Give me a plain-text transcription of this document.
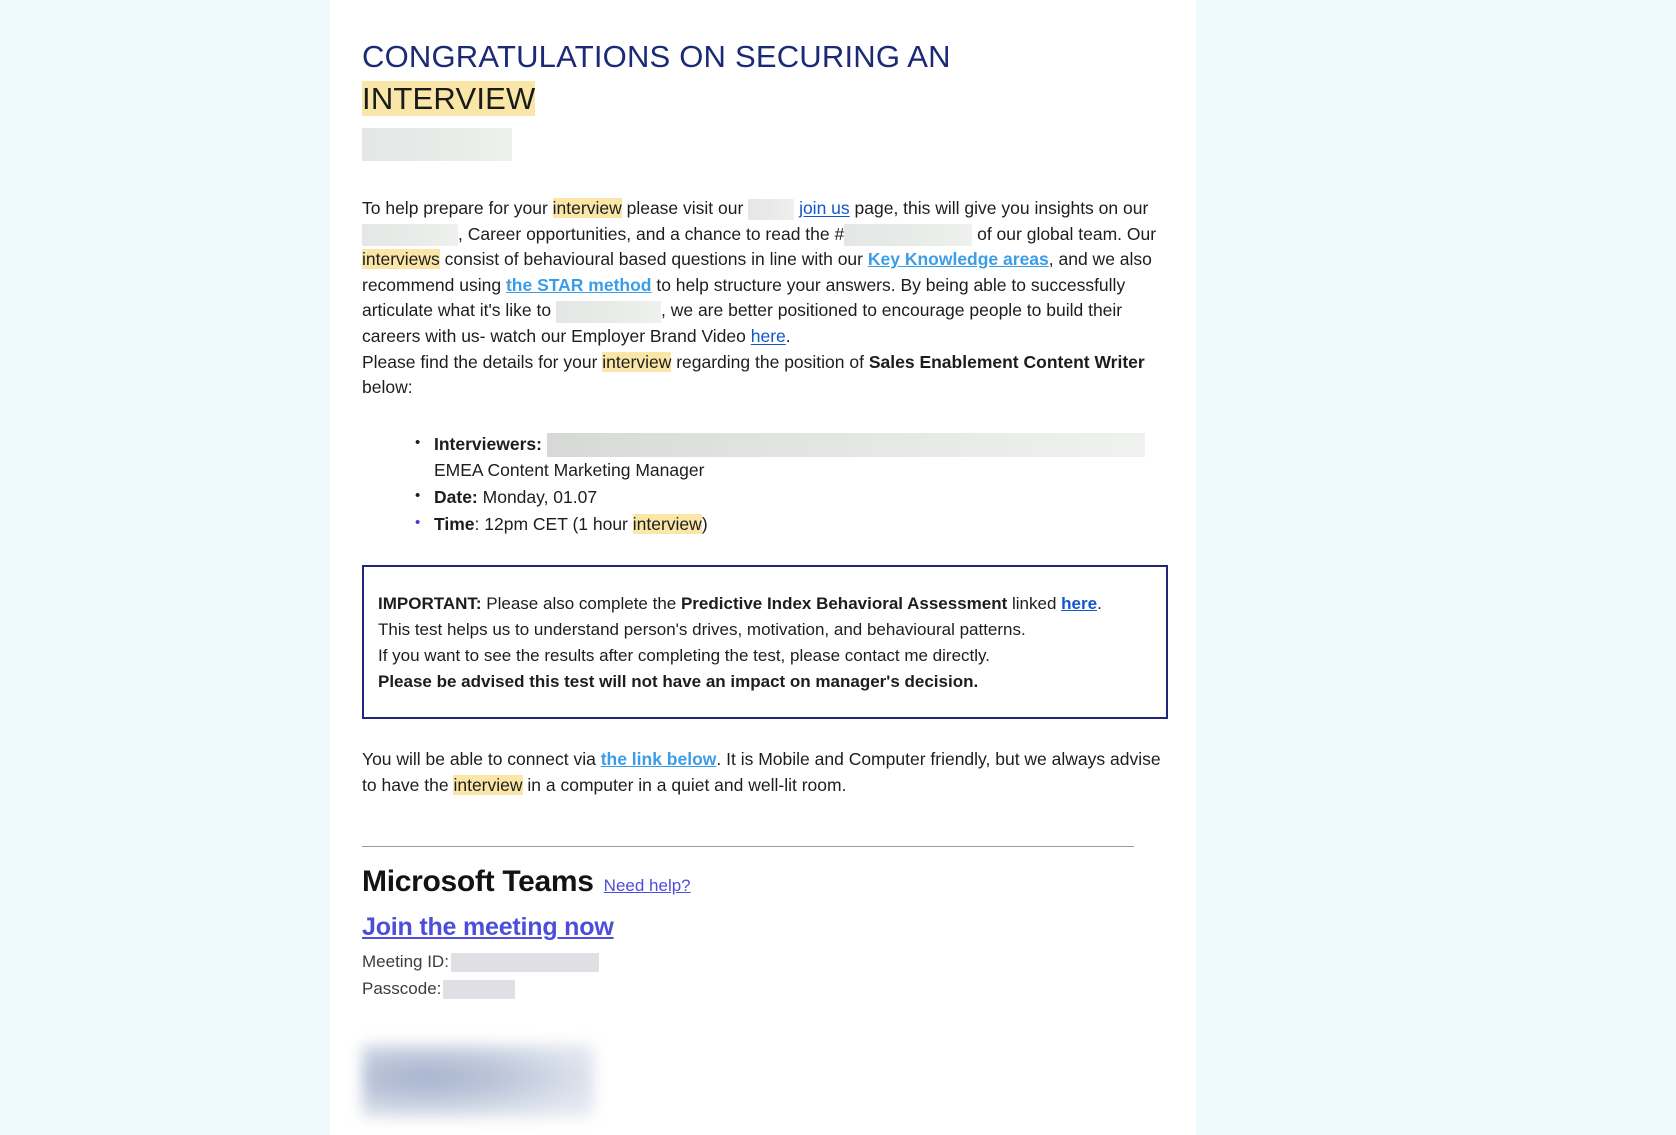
CONGRATULATIONS ON SECURING AN
INTERVIEW

To help prepare for your interview please visit our	join us page, this will give you insights on our , Career opportunities, and a chance to read the #	of our global team. Our interviews consist of behavioural based questions in line with our Key Knowledge areas, and we also recommend using the STAR method to help structure your answers. By being able to successfully articulate what it's like to	, we are better positioned to encourage people to build their careers with us- watch our Employer Brand Video here.

Please find the details for your interview regarding the position of Sales Enablement Content Writer below:

• Interviewers:
EMEA Content Marketing Manager
• Date: Monday, 01.07
• Time: 12pm CET (1 hour interview)

IMPORTANT: Please also complete the Predictive Index Behavioral Assessment linked here.

This test helps us to understand person's drives, motivation, and behavioural patterns.

If you want to see the results after completing the test, please contact me directly.

Please be advised this test will not have an impact on manager's decision.

You will be able to connect via the link below. It is Mobile and Computer friendly, but we always advise to have the interview in a computer in a quiet and well-lit room.

Microsoft Teams Need help?
Join the meeting now
Meeting ID:
Passcode:
